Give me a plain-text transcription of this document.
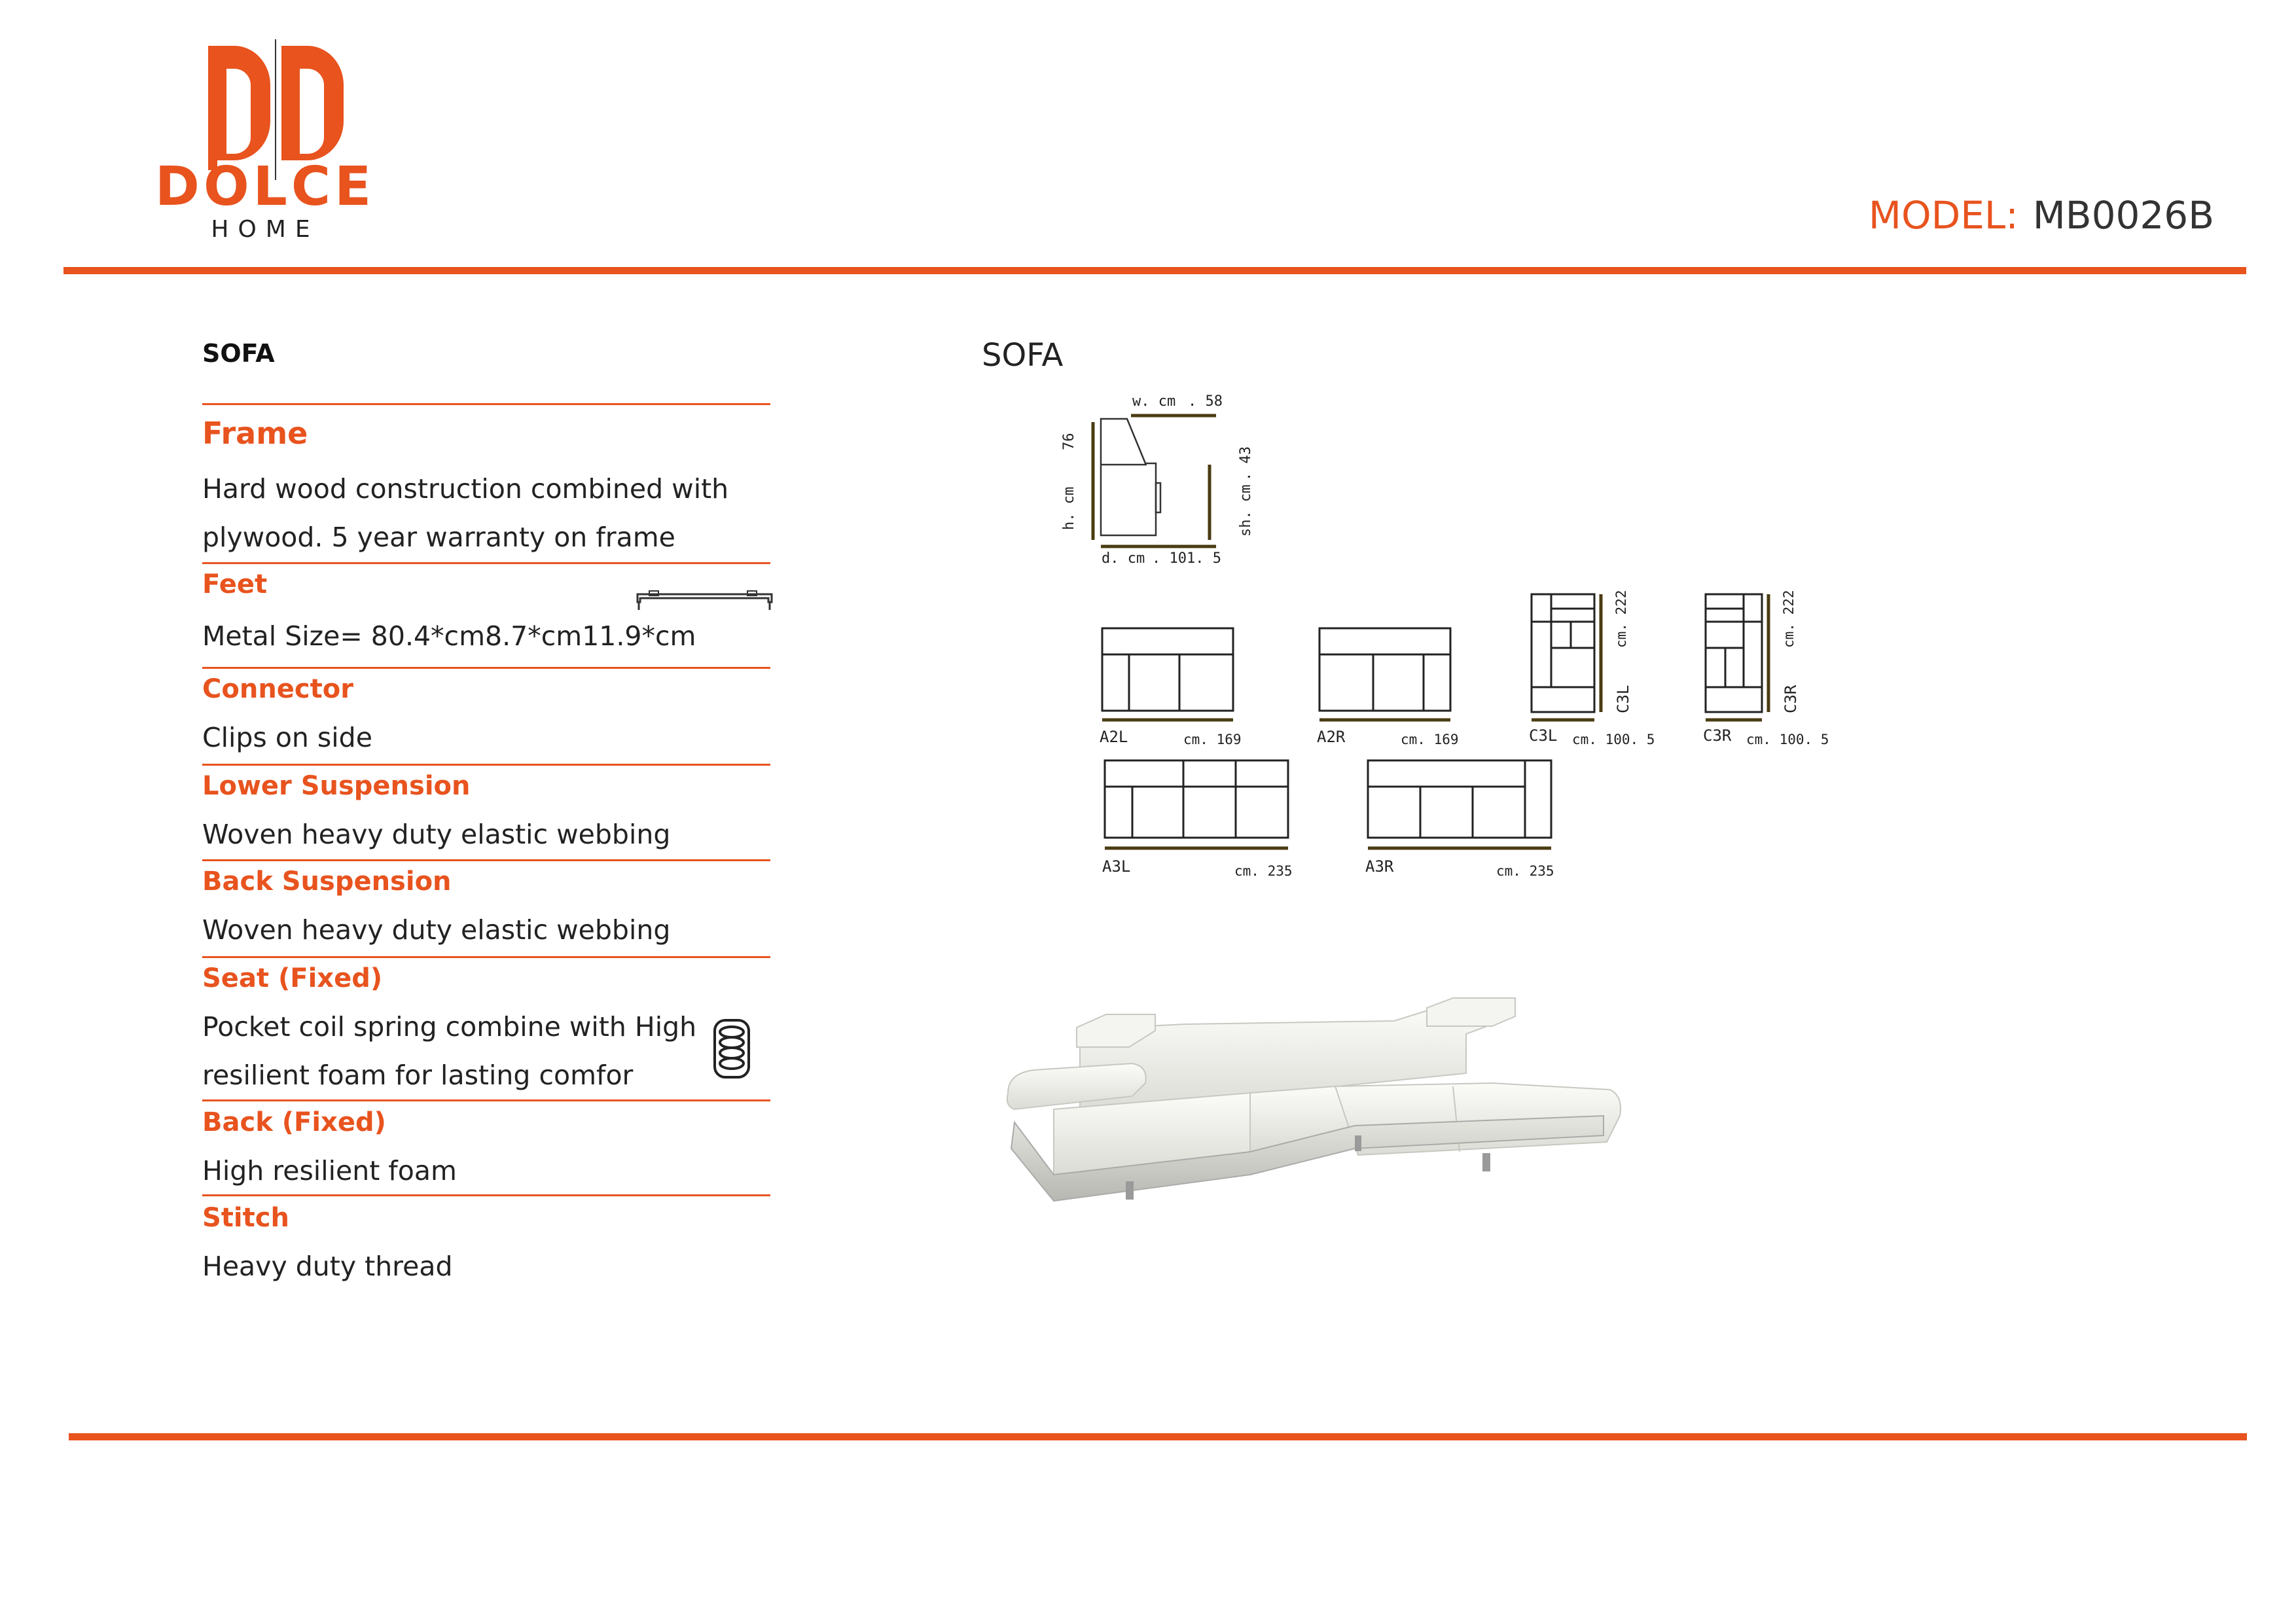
DOLCE
HOME	MODEL: MB0026B
SOFA
Frame
Hard wood construction combined with
plywood. 5 year warranty on frame
Feet
Metal Size= 80.4*cm8.7*cm11.9*cm
Connector
Clips on side
Lower Suspension
Woven heavy duty elastic webbing
Back Suspension
Woven heavy duty elastic webbing
Seat (Fixed)
Pocket coil spring combine with High
resilient foam for lasting comfor
Back (Fixed)
High resilient foam
Stitch
Heavy duty thread
SOFA
w. cm . 58
d. cm . 101. 5
h. cm
76
sh. cm
. 43
A2L	cm. 169	A2R	cm. 169	C3L cm. 100. 5
cm. 222
C3L
C3R cm. 100. 5
cm. 222
C3R
A3L	cm. 235	A3R	cm. 235
